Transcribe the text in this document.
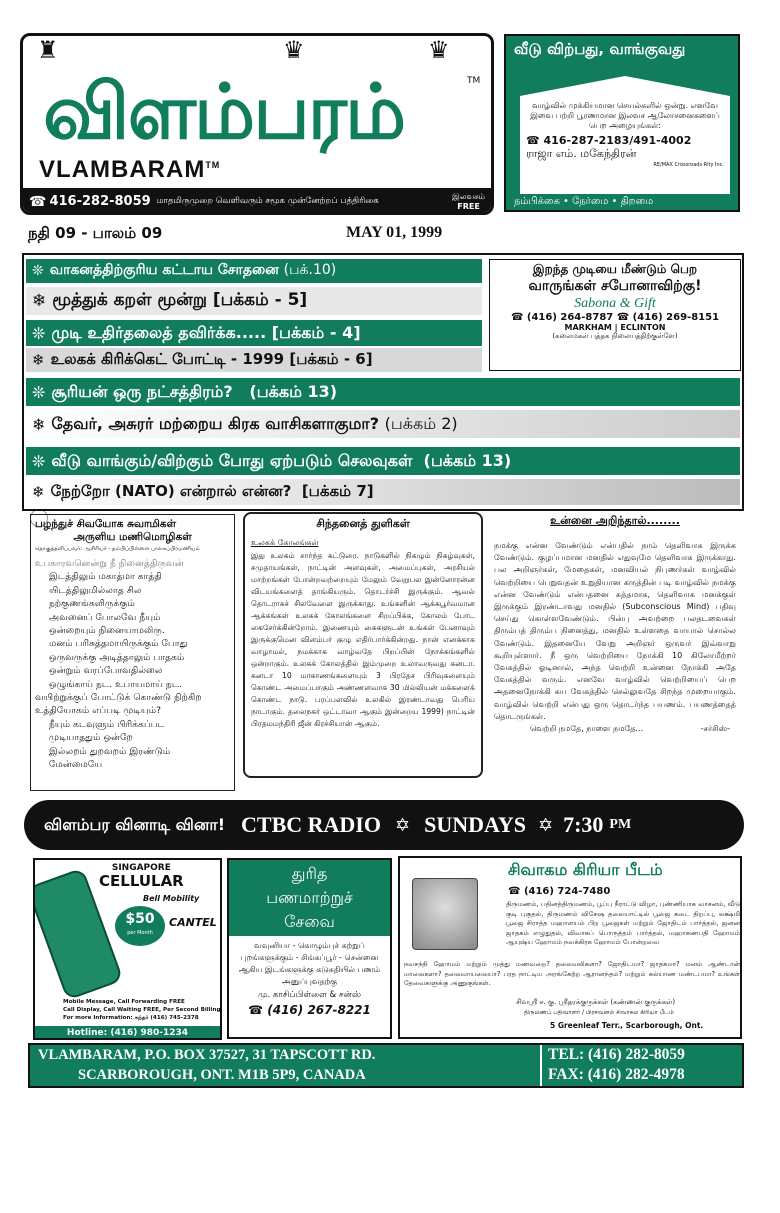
♜	♛	♛
விளம்பரம்	TM
VLAMBARAM™
☎ 416-282-8059 மாதமிருமுறை வெளிவரும் சமூக முன்னேற்றப் பத்திரிகை	இலவசம்
FREE
வீடு விற்பது, வாங்குவது

வாழ்வில் முக்கியமான செயல்களில் ஒன்று. எனவே இவை பற்றி பூரணமான இலவச ஆலோசனைகளைப் பெற அழையுங்கள்:

☎ 416-287-2183/491-4002
ராஜா எம். மகேந்திரன்
RE/MAX Crossroads Rlty Inc.
நம்பிக்கை • நேர்மை • திறமை
நதி 09 - பாலம் 09	MAY 01, 1999
❊ வாகனத்திற்குரிய கட்டாய சோதனை
(பக்.10)
❄ மூத்துக் கறள் மூன்று
[பக்கம் - 5]
❊ முடி உதிர்தலைத் தவிர்க்க.....
[பக்கம் - 4]
❄ உலகக் கிரிக்கெட் போட்டி - 1999
[பக்கம் - 6]
இறந்த முடியை மீண்டும் பெற
வாருங்கள் சபோனாவிற்கு!
Sabona & Gift
☎ (416) 264-8787 ☎ (416) 269-8151
MARKHAM | ECLINTON
(கலைமகள் புத்தக நிலையத்திற்குள்ளே)
❊ சூரியன் ஒரு நட்சத்திரம்?
(பக்கம் 13)
❄ தேவர், அசுரர் மற்றைய கிரக வாசிகளாகுமா?
(பக்கம் 2)
❊ வீடு வாங்கும்/விற்கும் போது ஏற்படும் செலவுகள்
(பக்கம் 13)
❄ நேற்றோ (NATO) என்றால் என்ன?
[பக்கம் 7]
பழந்துச் சிவயோக சுவாமிகள்
அருளிய மணிமொழிகள்
தொகுத்தளிப்பவர்: ஆசிரியர் - தம்பிப்பிள்ளை பாலசுப்பிரமணியம்
உபகாரவனென்று நீ நினைத்திருவன்
இடத்திலும் மகாத்மா காத்தி
யிடத்திலுமில்லாத சில
நற்குணங்களிருக்கும்
அவனைப் போலவே நீயும்
ஒன்றையும் நினையாமலிரு.
மனம் பரிசுத்தமாயிருக்கும் போது
ஒருவருக்கு அடித்தாலும் பாதகம்
ஒன்றும் வரப்போவதில்லை
ஒழுங்காய் நட. உபாயமாய் நட.
வயிற்றுக்குப் போட்டுக் கொண்டு நிற்கிற
உத்தியோகம் எப்படி முடியும்?
நீயும் கடவுளும் பிரிக்கப்பட
முடியாததும் ஒன்றே
இல்லறம் துறவறம் இரண்டும்
மேன்மையே
சிந்தனைத் துளிகள்
உலகக் கோலங்கள்

இது உலகம் சார்ந்த கட்டுரை. நாடுகளில் நிகழும் நிகழ்வுகள், சமுதாயங்கள், நாட்டின் அளவுகள், அமைப்புகள், அரசியல் மாற்றங்கள் போன்றவற்றையும் மேலும் வேறுபல இன்னோரன்ன விடயங்களைத் தாங்கியரும். தொடர்ச்சி இருக்கும். ஆவல் தொடராகச் சிலவேளை இருக்காது. உங்களின் ஆக்கபூர்வமான ஆக்கங்கள் உலகக் கோலங்களை சிறப்பிக்க, கோலம் போட கைசேர்க்கின்றோம். இணையும் கைகளுடன் உங்கள் பேனாவும் இருக்குமென விளம்பர் குழு எதிர்பார்க்கின்றது. நான் எனக்காக வாழாமல், நமக்காக வாழ்வதே பிறப்பின் நோக்கங்களில் ஒன்றாகும். உலகக் கோலத்தில் இம்முறை உலாவருவது கனடா. கனடா 10 மாகாணங்களையும் 3 பிரதேச பிரிவுகளையும் கொண்ட அமைப்பாகும் அண்ணளவாக 30 மில்லியன் மக்களைக் கொண்ட நாடு. பரப்பளவில் உலகில் இரண்டாவது பெரிய நாடாகும். தலைநகர் ஒட்டாவா ஆகும் இன்றைய 1999) நாட்டின் பிரதமமந்திரி ஜீன் கிரச்சியான் ஆகும்.

உன்னை அறிந்தால்........

நமக்கு என்ன வேண்டும் என்பதில் நாம் தெளிவாக இருக்க வேண்டும். குழப்பமான மனதில் எதுவுமே தெளிவாக இருக்காது. பல அறிஞர்கள், மேதைகள், மனவியல் நிபுணர்கள் வாழ்வில் வெற்றியை பெறுவதன் உறுதியான கருத்தின் படி வாழ்வில் நமக்கு என்ன வேண்டும் என்பதனை சுத்தமாக, தெளிவாக மனக்குள் இருக்கும் இரண்டாவது மனதில் (Subconscious Mind) பதிவு செய்து கொள்ளவேண்டும். பின்பு அவற்றை பலதடவைகள் திரும்பத் திரும்ப நினைத்து, மனதில் உள்ளதை வாயால் சொல்ல வேண்டும். இதனையே வேறு அறிஞர் ஒருவர் இவ்வாறு கூறியுள்ளார். நீ ஒரு வெற்றியை நோக்கி 10 கிலோமீற்றர் வேகத்தில் ஓடினால், அந்த வெற்றி உன்னை நோக்கி அதே வேகத்தில் வரும். எனவே வாழ்வில் வெற்றியைப் பெற அதனைநோக்கி சுய வேகத்தில் செல்லுவதே சிறந்த முறையாகும். வாழ்வில் வெற்றி என்பது ஒரு தொடர்ந்த பயணம். பயணத்தைத் தொடருங்கள்.

வெற்றி நமதே, நாளை நமதே...	-சர்சிஸ்-
விளம்பர வினாடி வினா! CTBC RADIO ✡ SUNDAYS ✡ 7:30 PM
SINGAPORE
CELLULAR
Bell Mobility
$50
per Month
CANTEL
Mobile Message, Call Forwarding FREE
Call Display, Call Waiting FREE, Per Second Billing
For more Information: சுந்தர் (416) 745-2378
Hotline: (416) 980-1234
துரித
பணமாற்றுச்
சேவை

வவுனியா - கொழும்புச் சுற்றுப் புறங்களுக்கும் - சிங்கப்பூர் - சென்னை ஆகிய இடங்களுக்கு கடுகதியில் பணம் அனுப்புவதற்கு

மு. காசிப்பிள்ளை & சன்ஸ்
☎ (416) 267-8221
சிவாகம கிரியா பீடம்
☎ (416) 724-7480

திருமணம், பதினத்திருமணம், பூப்பு நீராட்டு விழா, புண்ணியாக வாசனம், வீடு குடி புகுதல், திருமணம் விசேஷ தலையாட்டில் பூஜை கடை திறப்பு, லக்ஷ்மி பூஜை சிராத்த மஹாளயம் பிற பூஜைகள் மற்றும் ஜோதிடம் பார்த்தல், ஜனன ஜாதகம் எழுதுதல், விவாகப் பொருத்தம் பார்த்தல், மஹாகணபதி ஹோமம் ஆயுஷ்ய ஹோமம் நவக்கிரக ஹோமம் போன்றவை

நவசந்தி ஹோமம் மற்றும் முத்து மணவறை? தலைவலிகளா? ஜோதிடமா? ஜாதகமா? மனம் ஆண்டான் மாலைகளா? தலைவாயலையா? பரத நாட்டிய அரங்கேற்ற ஆரானந்தம்? மற்றும் கல்யாண மண்டபமா? உங்கள் தேவைகளுக்கு அணுகுங்கள்.

சிவஸ்ரீ ச. கு. ஸ்ரீதரக்குருக்கள் (கண்ணன் குருக்கள்)
திருமணப் பதிவாளர் / பிரசவனம் சிவாகம கிரியா பீடம்
5 Greenleaf Terr., Scarborough, Ont.
VLAMBARAM, P.O. BOX 37527, 31 TAPSCOTT RD.
SCARBOROUGH, ONT. M1B 5P9, CANADA
TEL: (416) 282-8059
FAX: (416) 282-4978
